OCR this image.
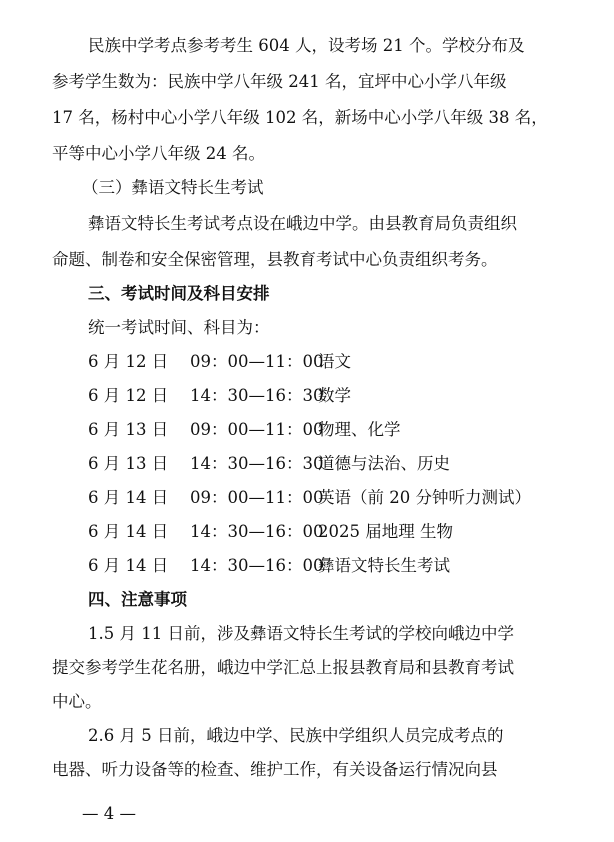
民族中学考点参考考生 604 人，设考场 21 个。学校分布及
参考学生数为：民族中学八年级 241 名，宜坪中心小学八年级
17 名，杨村中心小学八年级 102 名，新场中心小学八年级 38 名，
平等中心小学八年级 24 名。
（三）彝语文特长生考试
彝语文特长生考试考点设在峨边中学。由县教育局负责组织
命题、制卷和安全保密管理，县教育考试中心负责组织考务。
三、考试时间及科目安排
统一考试时间、科目为：
6 月 12 日 09：00—11：00
语文
6 月 12 日 14：30—16：30
数学
6 月 13 日 09：00—11：00
物理、化学
6 月 13 日 14：30—16：30
道德与法治、历史
6 月 14 日 09：00—11：00
英语（前 20 分钟听力测试）
6 月 14 日 14：30—16：00
2025 届地理 生物
6 月 14 日 14：30—16：00
彝语文特长生考试
四、注意事项
1.5 月 11 日前，涉及彝语文特长生考试的学校向峨边中学
提交参考学生花名册，峨边中学汇总上报县教育局和县教育考试
中心。
2.6 月 5 日前，峨边中学、民族中学组织人员完成考点的
电器、听力设备等的检查、维护工作，有关设备运行情况向县
— 4 —
